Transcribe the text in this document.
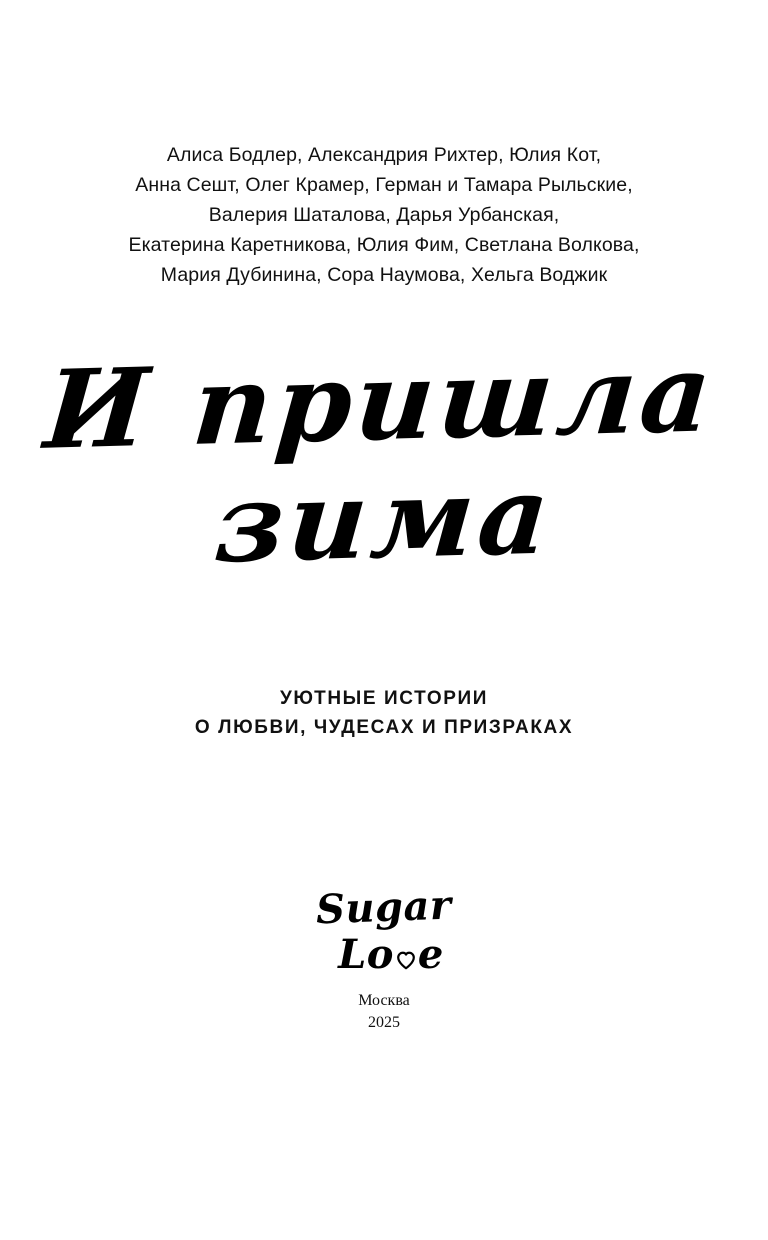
Алиса Бодлер, Александрия Рихтер, Юлия Кот,
Анна Сешт, Олег Крамер, Герман и Тамара Рыльские,
Валерия Шаталова, Дарья Урбанская,
Екатерина Каретникова, Юлия Фим, Светлана Волкова,
Мария Дубинина, Сора Наумова, Хельга Воджик
И пришла
зима
УЮТНЫЕ ИСТОРИИ
О ЛЮБВИ, ЧУДЕСАХ И ПРИЗРАКАХ
Sugar
Lo e
Москва
2025
